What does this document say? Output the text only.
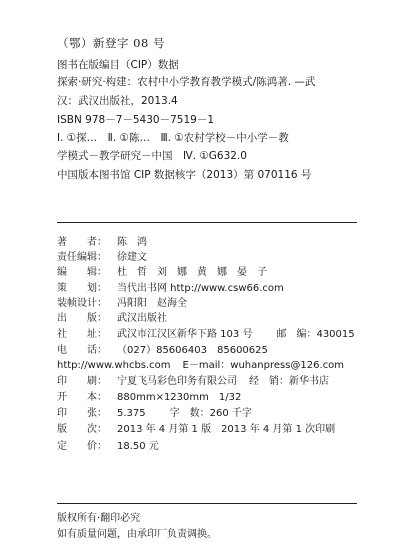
（鄂）新登字 08 号
图书在版编目（CIP）数据
探索·研究·构建：农村中小学教育教学模式/陈鸿著. —武
汉：武汉出版社，2013.4
ISBN 978－7－5430－7519－1
Ⅰ. ①探…　Ⅱ. ①陈…　Ⅲ. ①农村学校－中小学－教
学模式－教学研究－中国　Ⅳ. ①G632.0
中国版本图书馆 CIP 数据核字（2013）第 070116 号
著　　者： 陈　鸿
责任编辑： 徐建文
编　　辑： 杜　哲　刘　娜　黄　娜　晏　子
策　　划： 当代出书网 http://www.csw66.com
装帧设计： 冯阳阳　赵海全
出　　版： 武汉出版社
社　　址： 武汉市江汉区新华下路 103 号 邮　编：430015
电　　话： （027）85606403　85600625
http://www.whcbs.com E－mail：wuhanpress@126.com
印　　刷： 宁夏飞马彩色印务有限公司 经　销：新华书店
开　　本： 880mm×1230mm　1/32
印　　张： 5.375 字　数：260 千字
版　　次： 2013 年 4 月第 1 版　2013 年 4 月第 1 次印刷
定　　价： 18.50 元
版权所有·翻印必究
如有质量问题，由承印厂负责调换。
